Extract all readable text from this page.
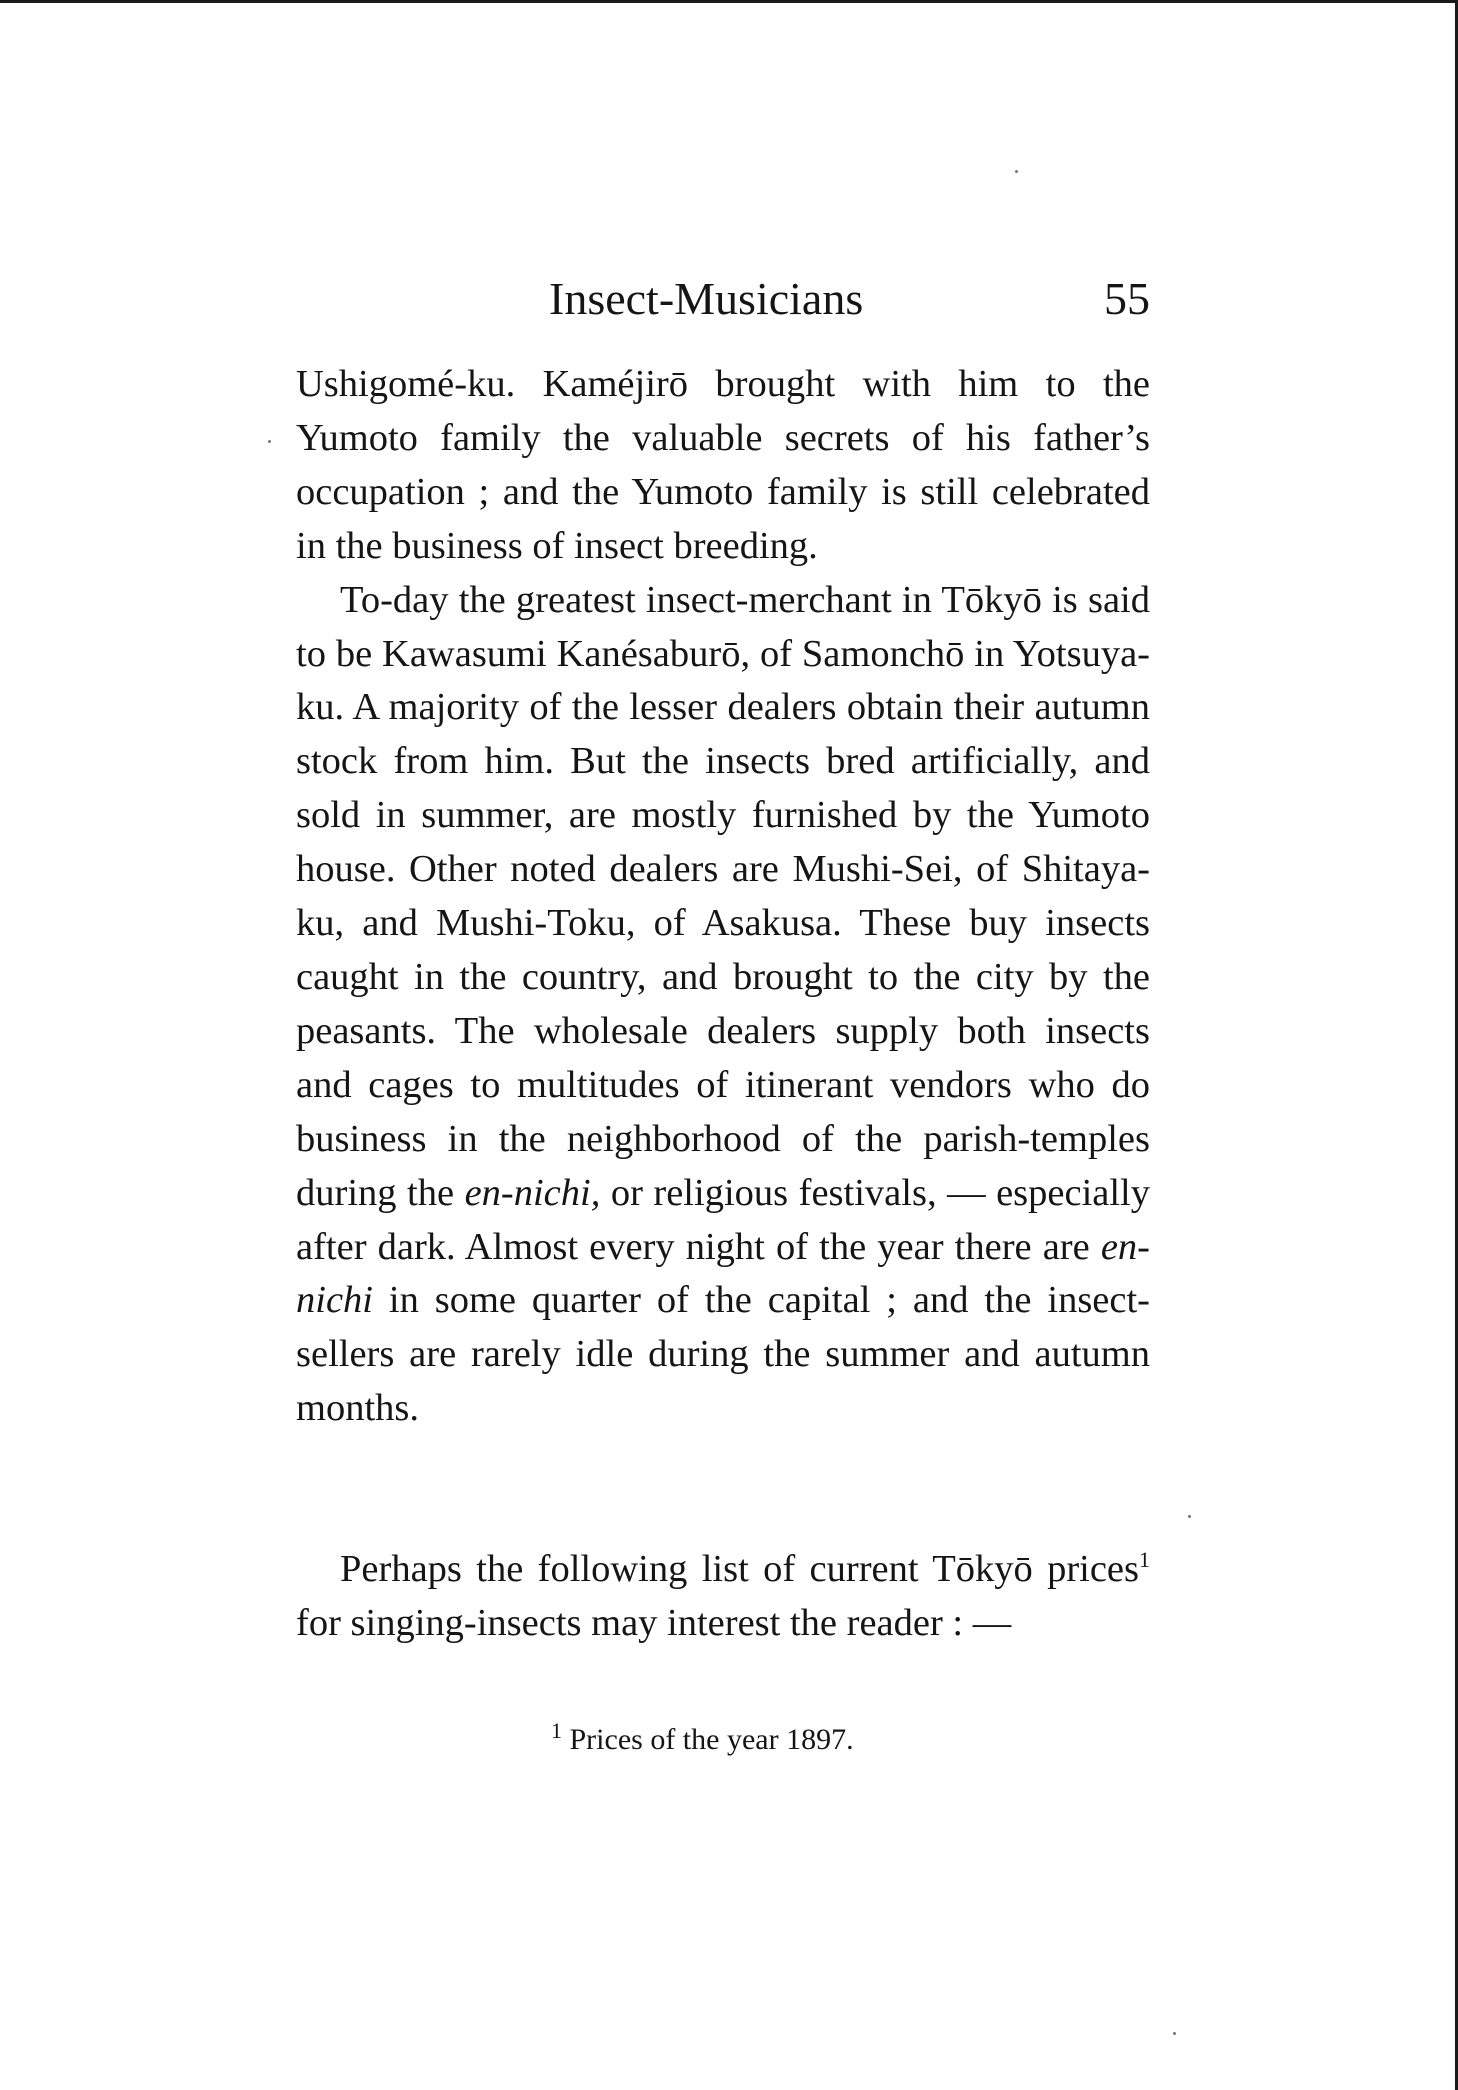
Insect-Musicians	55

Ushigomé-ku. Kaméjirō brought with him to the Yumoto family the valuable secrets of his father’s occupation ; and the Yumoto family is still celebrated in the business of insect breeding.

To-day the greatest insect-merchant in Tōkyō is said to be Kawasumi Kanésaburō, of Samonchō in Yotsuya-ku. A majority of the lesser dealers obtain their autumn stock from him. But the insects bred artificially, and sold in summer, are mostly furnished by the Yumoto house. Other noted dealers are Mushi-Sei, of Shitaya-ku, and Mushi-Toku, of Asakusa. These buy insects caught in the country, and brought to the city by the peasants. The wholesale dealers supply both insects and cages to multitudes of itinerant vendors who do business in the neighborhood of the parish-temples during the en-nichi, or religious festivals, — especially after dark. Almost every night of the year there are en-nichi in some quarter of the capital ; and the insect-sellers are rarely idle during the summer and autumn months.

Perhaps the following list of current Tōkyō prices$^1$ for singing-insects may interest the reader : —

$^1$ Prices of the year 1897.
